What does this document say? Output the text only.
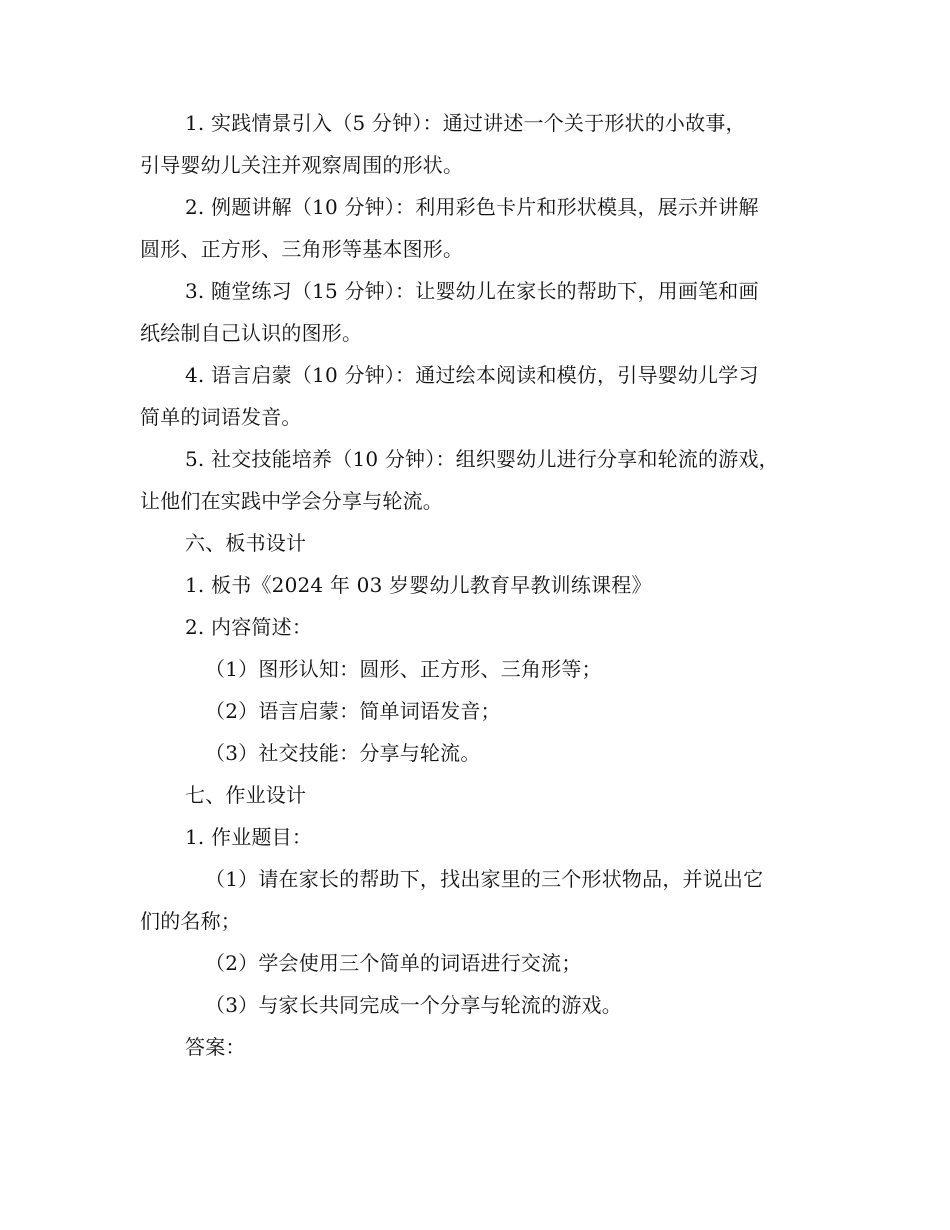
1. 实践情景引入（5 分钟）：通过讲述一个关于形状的小故事，
引导婴幼儿关注并观察周围的形状。
2. 例题讲解（10 分钟）：利用彩色卡片和形状模具，展示并讲解
圆形、正方形、三角形等基本图形。
3. 随堂练习（15 分钟）：让婴幼儿在家长的帮助下，用画笔和画
纸绘制自己认识的图形。
4. 语言启蒙（10 分钟）：通过绘本阅读和模仿，引导婴幼儿学习
简单的词语发音。
5. 社交技能培养（10 分钟）：组织婴幼儿进行分享和轮流的游戏，
让他们在实践中学会分享与轮流。
六、板书设计
1. 板书《2024 年 03 岁婴幼儿教育早教训练课程》
2. 内容简述：
（1）图形认知：圆形、正方形、三角形等；
（2）语言启蒙：简单词语发音；
（3）社交技能：分享与轮流。
七、作业设计
1. 作业题目：
（1）请在家长的帮助下，找出家里的三个形状物品，并说出它
们的名称；
（2）学会使用三个简单的词语进行交流；
（3）与家长共同完成一个分享与轮流的游戏。
答案：
